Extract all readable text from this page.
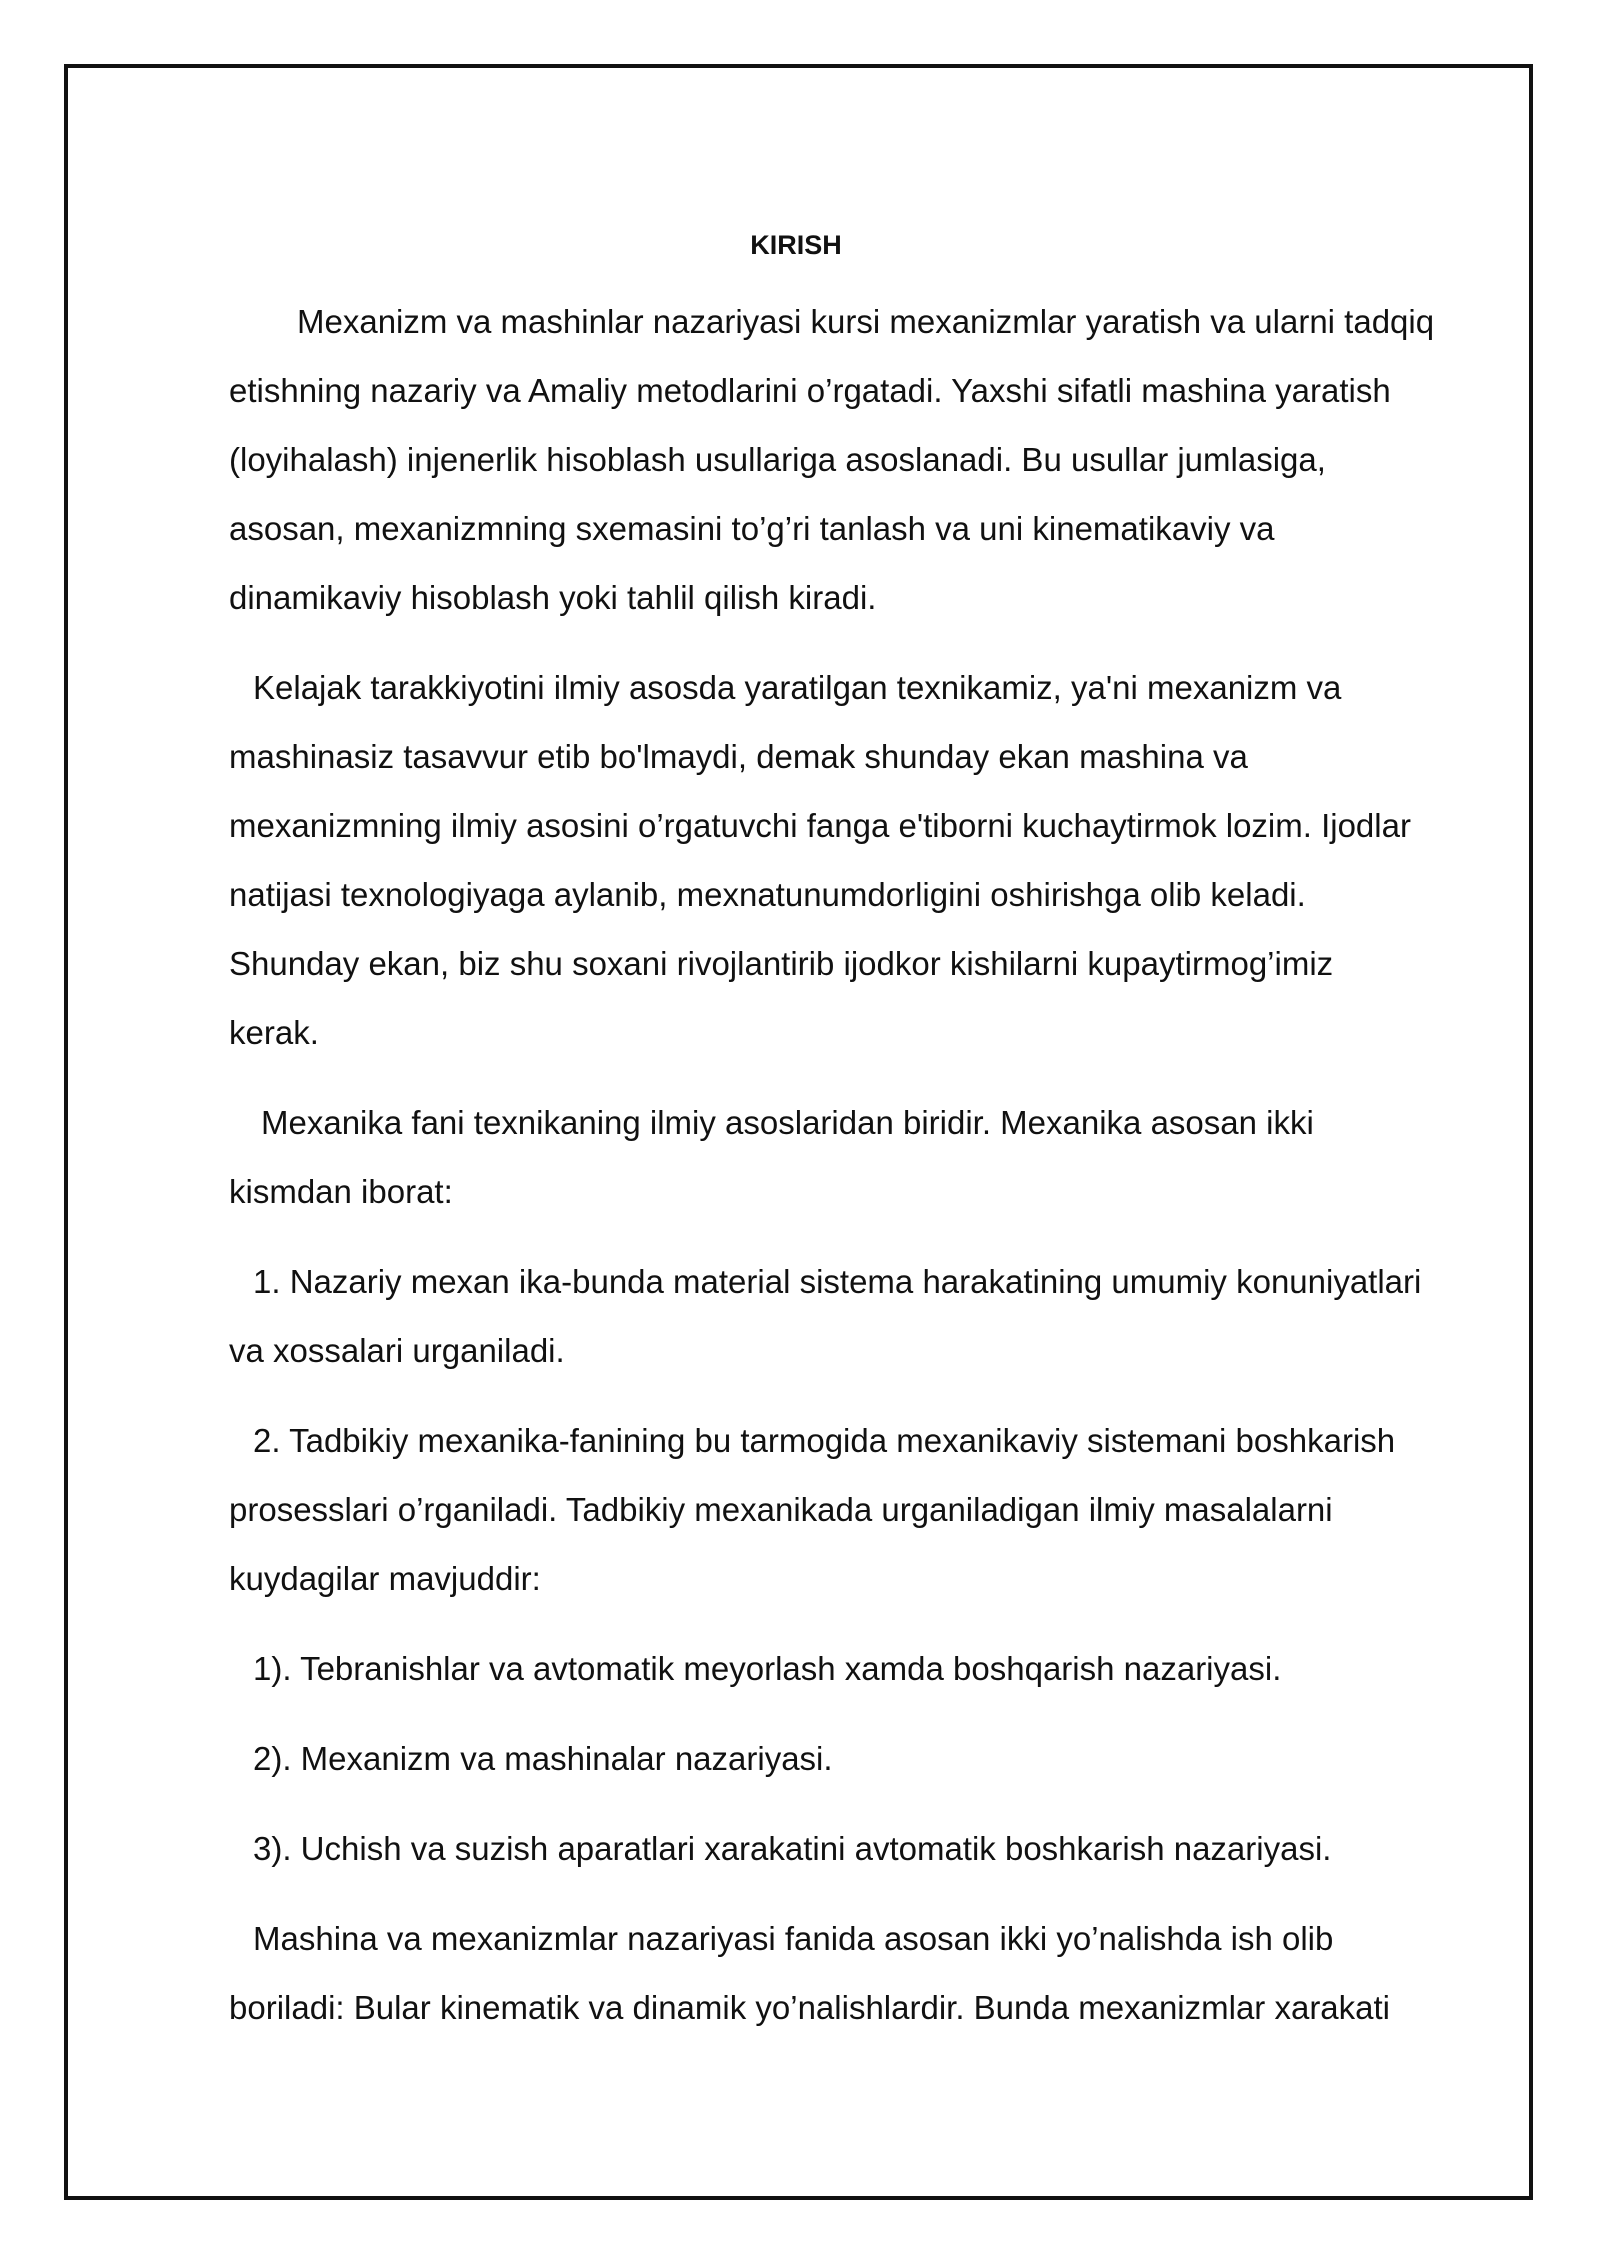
KIRISH
Mexanizm va mashinlar nazariyasi kursi mexanizmlar yaratish va ularni tadqiq
etishning nazariy va Amaliy metodlarini o’rgatadi. Yaxshi sifatli mashina yaratish
(loyihalash) injenerlik hisoblash usullariga asoslanadi. Bu usullar jumlasiga,
asosan, mexanizmning sxemasini to’g’ri tanlash va uni kinematikaviy va
dinamikaviy hisoblash yoki tahlil qilish kiradi.
Kelajak tarakkiyotini ilmiy asosda yaratilgan texnikamiz, ya'ni mexanizm va
mashinasiz tasavvur etib bo'lmaydi, demak shunday ekan mashina va
mexanizmning ilmiy asosini o’rgatuvchi fanga e'tiborni kuchaytirmok lozim. Ijodlar
natijasi texnologiyaga aylanib, mexnatunumdorligini oshirishga olib keladi.
Shunday ekan, biz shu soxani rivojlantirib ijodkor kishilarni kupaytirmog’imiz
kerak.
Mexanika fani texnikaning ilmiy asoslaridan biridir. Mexanika asosan ikki
kismdan iborat:
1. Nazariy mexan ika-bunda material sistema harakatining umumiy konuniyatlari
va xossalari urganiladi.
2. Tadbikiy mexanika-fanining bu tarmogida mexanikaviy sistemani boshkarish
prosesslari o’rganiladi. Tadbikiy mexanikada urganiladigan ilmiy masalalarni
kuydagilar mavjuddir:
1). Tebranishlar va avtomatik meyorlash xamda boshqarish nazariyasi.
2). Mexanizm va mashinalar nazariyasi.
3). Uchish va suzish aparatlari xarakatini avtomatik boshkarish nazariyasi.
Mashina va mexanizmlar nazariyasi fanida asosan ikki yo’nalishda ish olib
boriladi: Bular kinematik va dinamik yo’nalishlardir. Bunda mexanizmlar xarakati
